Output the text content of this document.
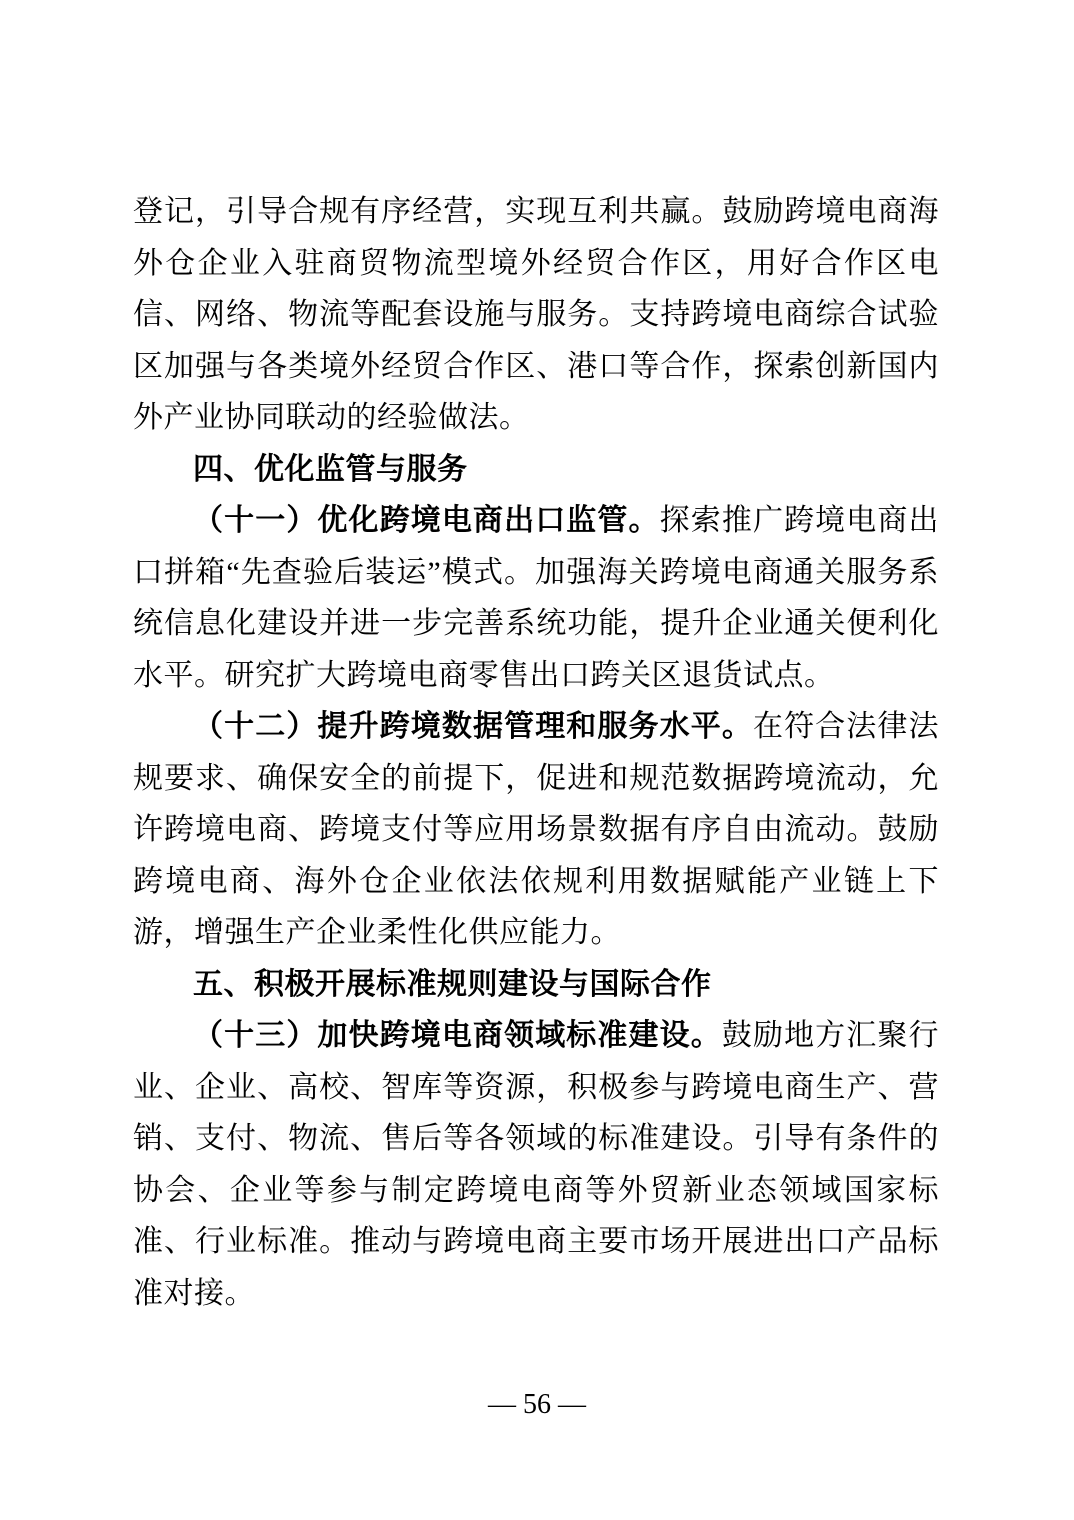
登记，引导合规有序经营，实现互利共赢。鼓励跨境电商海外仓企业入驻商贸物流型境外经贸合作区，用好合作区电信、网络、物流等配套设施与服务。支持跨境电商综合试验区加强与各类境外经贸合作区、港口等合作，探索创新国内外产业协同联动的经验做法。

四、优化监管与服务

（十一）优化跨境电商出口监管。探索推广跨境电商出口拼箱“先查验后装运”模式。加强海关跨境电商通关服务系统信息化建设并进一步完善系统功能，提升企业通关便利化水平。研究扩大跨境电商零售出口跨关区退货试点。

（十二）提升跨境数据管理和服务水平。在符合法律法规要求、确保安全的前提下，促进和规范数据跨境流动，允许跨境电商、跨境支付等应用场景数据有序自由流动。鼓励跨境电商、海外仓企业依法依规利用数据赋能产业链上下游，增强生产企业柔性化供应能力。

五、积极开展标准规则建设与国际合作

（十三）加快跨境电商领域标准建设。鼓励地方汇聚行业、企业、高校、智库等资源，积极参与跨境电商生产、营销、支付、物流、售后等各领域的标准建设。引导有条件的协会、企业等参与制定跨境电商等外贸新业态领域国家标准、行业标准。推动与跨境电商主要市场开展进出口产品标准对接。

— 56 —
